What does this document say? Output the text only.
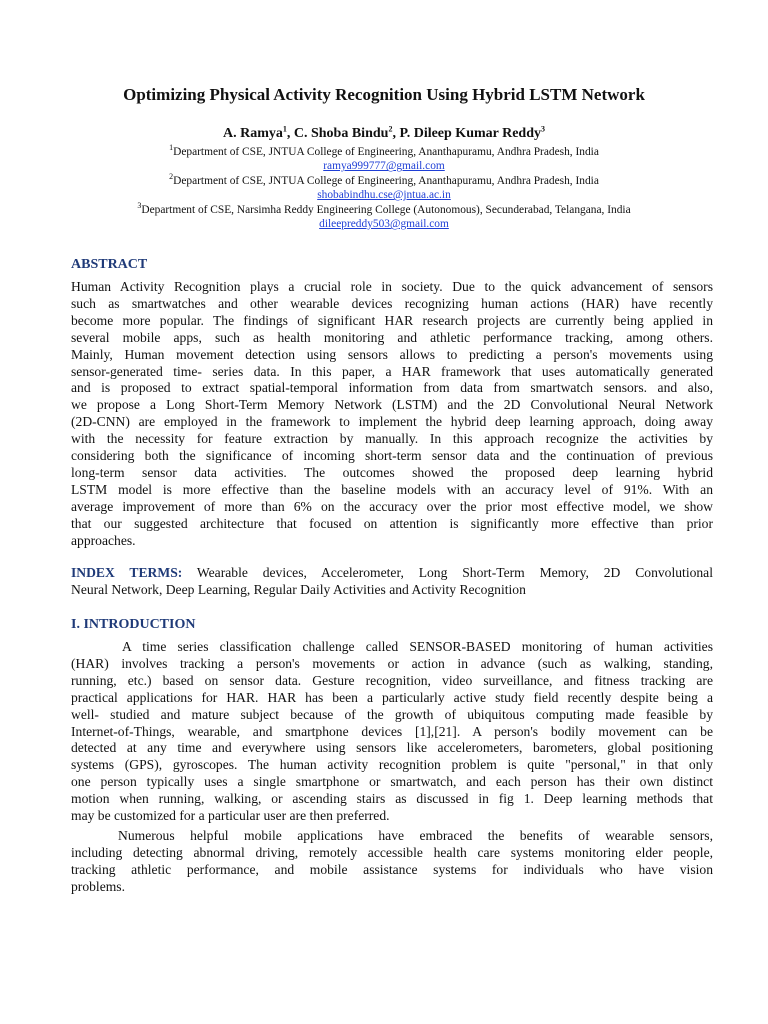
Optimizing Physical Activity Recognition Using Hybrid LSTM Network
A. Ramya$^1$, C. Shoba Bindu$^2$, P. Dileep Kumar Reddy$^3$
$^1$Department of CSE, JNTUA College of Engineering, Ananthapuramu, Andhra Pradesh, India
ramya999777@gmail.com
$^2$Department of CSE, JNTUA College of Engineering, Ananthapuramu, Andhra Pradesh, India
shobabindhu.cse@jntua.ac.in
$^3$Department of CSE, Narsimha Reddy Engineering College (Autonomous), Secunderabad, Telangana, India
dileepreddy503@gmail.com
ABSTRACT
Human Activity Recognition plays a crucial role in society. Due to the quick advancement of sensors
such as smartwatches and other wearable devices recognizing human actions (HAR) have recently
become more popular. The findings of significant HAR research projects are currently being applied in
several mobile apps, such as health monitoring and athletic performance tracking, among others.
Mainly, Human movement detection using sensors allows to predicting a person's movements using
sensor-generated time- series data. In this paper, a HAR framework that uses automatically generated
and is proposed to extract spatial-temporal information from data from smartwatch sensors. and also,
we propose a Long Short-Term Memory Network (LSTM) and the 2D Convolutional Neural Network
(2D-CNN) are employed in the framework to implement the hybrid deep learning approach, doing away
with the necessity for feature extraction by manually. In this approach recognize the activities by
considering both the significance of incoming short-term sensor data and the continuation of previous
long-term sensor data activities. The outcomes showed the proposed deep learning hybrid
LSTM model is more effective than the baseline models with an accuracy level of 91%. With an
average improvement of more than 6% on the accuracy over the prior most effective model, we show
that our suggested architecture that focused on attention is significantly more effective than prior
approaches.
INDEX TERMS: Wearable devices, Accelerometer, Long Short-Term Memory, 2D Convolutional
Neural Network, Deep Learning, Regular Daily Activities and Activity Recognition
I. INTRODUCTION
A time series classification challenge called SENSOR-BASED monitoring of human activities
(HAR) involves tracking a person's movements or action in advance (such as walking, standing,
running, etc.) based on sensor data. Gesture recognition, video surveillance, and fitness tracking are
practical applications for HAR. HAR has been a particularly active study field recently despite being a
well- studied and mature subject because of the growth of ubiquitous computing made feasible by
Internet-of-Things, wearable, and smartphone devices [1],[21]. A person's bodily movement can be
detected at any time and everywhere using sensors like accelerometers, barometers, global positioning
systems (GPS), gyroscopes. The human activity recognition problem is quite "personal," in that only
one person typically uses a single smartphone or smartwatch, and each person has their own distinct
motion when running, walking, or ascending stairs as discussed in fig 1. Deep learning methods that
may be customized for a particular user are then preferred.
Numerous helpful mobile applications have embraced the benefits of wearable sensors,
including detecting abnormal driving, remotely accessible health care systems monitoring elder people,
tracking athletic performance, and mobile assistance systems for individuals who have vision
problems.
